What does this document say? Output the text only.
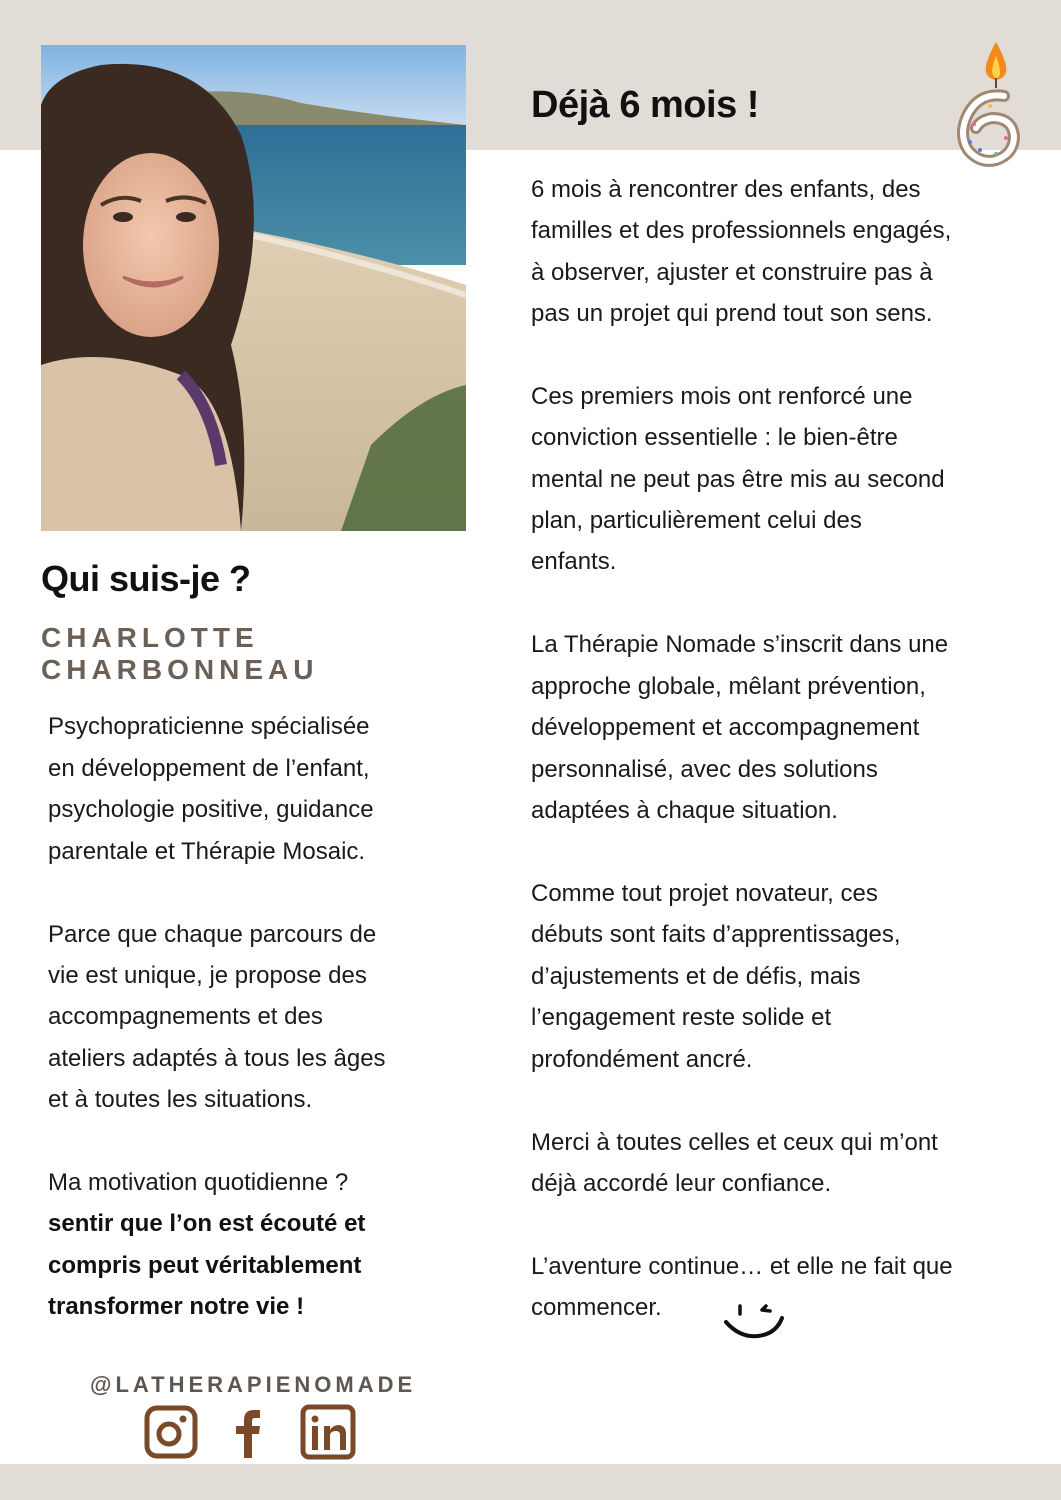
Déjà 6 mois !
Qui suis-je ?
CHARLOTTE
CHARBONNEAU
Psychopraticienne spécialisée
en développement de l’enfant,
psychologie positive, guidance
parentale et Thérapie Mosaic.
Parce que chaque parcours de
vie est unique, je propose des
accompagnements et des
ateliers adaptés à tous les âges
et à toutes les situations.
Ma motivation quotidienne ?
sentir que l’on est écouté et
compris peut véritablement
transformer notre vie !
6 mois à rencontrer des enfants, des
familles et des professionnels engagés,
à observer, ajuster et construire pas à
pas un projet qui prend tout son sens.
Ces premiers mois ont renforcé une
conviction essentielle : le bien-être
mental ne peut pas être mis au second
plan, particulièrement celui des
enfants.
La Thérapie Nomade s’inscrit dans une
approche globale, mêlant prévention,
développement et accompagnement
personnalisé, avec des solutions
adaptées à chaque situation.
Comme tout projet novateur, ces
débuts sont faits d’apprentissages,
d’ajustements et de défis, mais
l’engagement reste solide et
profondément ancré.
Merci à toutes celles et ceux qui m’ont
déjà accordé leur confiance.
L’aventure continue… et elle ne fait que
commencer.
@LATHERAPIENOMADE
